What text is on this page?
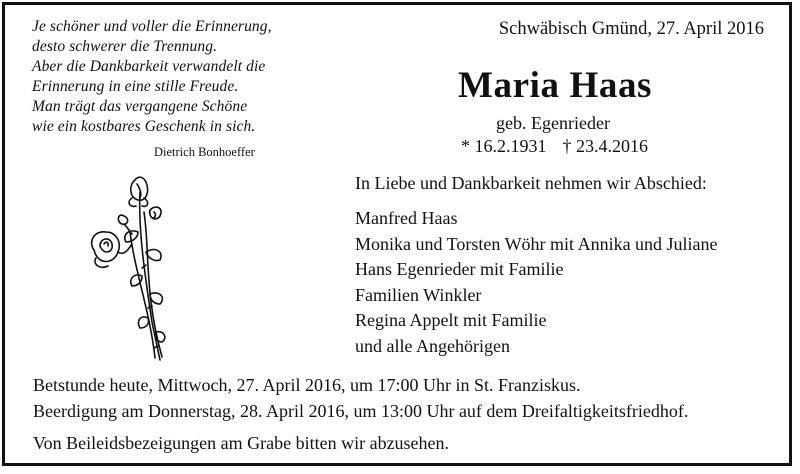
Je schöner und voller die Erinnerung,
desto schwerer die Trennung.
Aber die Dankbarkeit verwandelt die
Erinnerung in eine stille Freude.
Man trägt das vergangene Schöne
wie ein kostbares Geschenk in sich.
Dietrich Bonhoeffer
Schwäbisch Gmünd, 27. April 2016
Maria Haas
geb. Egenrieder
* 16.2.1931 † 23.4.2016
In Liebe und Dankbarkeit nehmen wir Abschied:
Manfred Haas
Monika und Torsten Wöhr mit Annika und Juliane
Hans Egenrieder mit Familie
Familien Winkler
Regina Appelt mit Familie
und alle Angehörigen
Betstunde heute, Mittwoch, 27. April 2016, um 17:00 Uhr in St. Franziskus.
Beerdigung am Donnerstag, 28. April 2016, um 13:00 Uhr auf dem Dreifaltigkeitsfriedhof.
Von Beileidsbezeigungen am Grabe bitten wir abzusehen.
